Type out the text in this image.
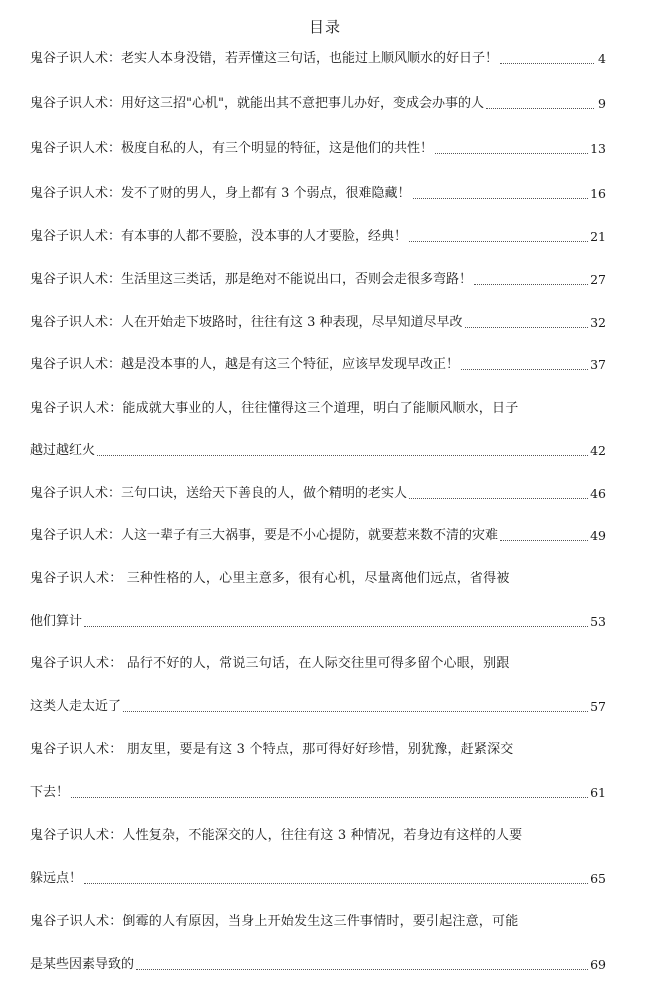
目录
鬼谷子识人术：老实人本身没错，若弄懂这三句话，也能过上顺风顺水的好日子！	4
鬼谷子识人术：用好这三招"心机"，就能出其不意把事儿办好，变成会办事的人	9
鬼谷子识人术：极度自私的人，有三个明显的特征，这是他们的共性！	13
鬼谷子识人术：发不了财的男人，身上都有 3 个弱点，很难隐藏！	16
鬼谷子识人术：有本事的人都不要脸，没本事的人才要脸，经典！	21
鬼谷子识人术：生活里这三类话，那是绝对不能说出口，否则会走很多弯路！	27
鬼谷子识人术：人在开始走下坡路时，往往有这 3 种表现，尽早知道尽早改	32
鬼谷子识人术：越是没本事的人，越是有这三个特征，应该早发现早改正！	37
鬼谷子识人术：能成就大事业的人，往往懂得这三个道理，明白了能顺风顺水，日子
越过越红火	42
鬼谷子识人术：三句口诀，送给天下善良的人，做个精明的老实人	46
鬼谷子识人术：人这一辈子有三大祸事，要是不小心提防，就要惹来数不清的灾难	49
鬼谷子识人术： 三种性格的人，心里主意多，很有心机，尽量离他们远点，省得被
他们算计	53
鬼谷子识人术： 品行不好的人，常说三句话，在人际交往里可得多留个心眼，别跟
这类人走太近了	57
鬼谷子识人术： 朋友里，要是有这 3 个特点，那可得好好珍惜，别犹豫，赶紧深交
下去！	61
鬼谷子识人术：人性复杂，不能深交的人，往往有这 3 种情况，若身边有这样的人要
躲远点！	65
鬼谷子识人术：倒霉的人有原因，当身上开始发生这三件事情时，要引起注意，可能
是某些因素导致的	69
